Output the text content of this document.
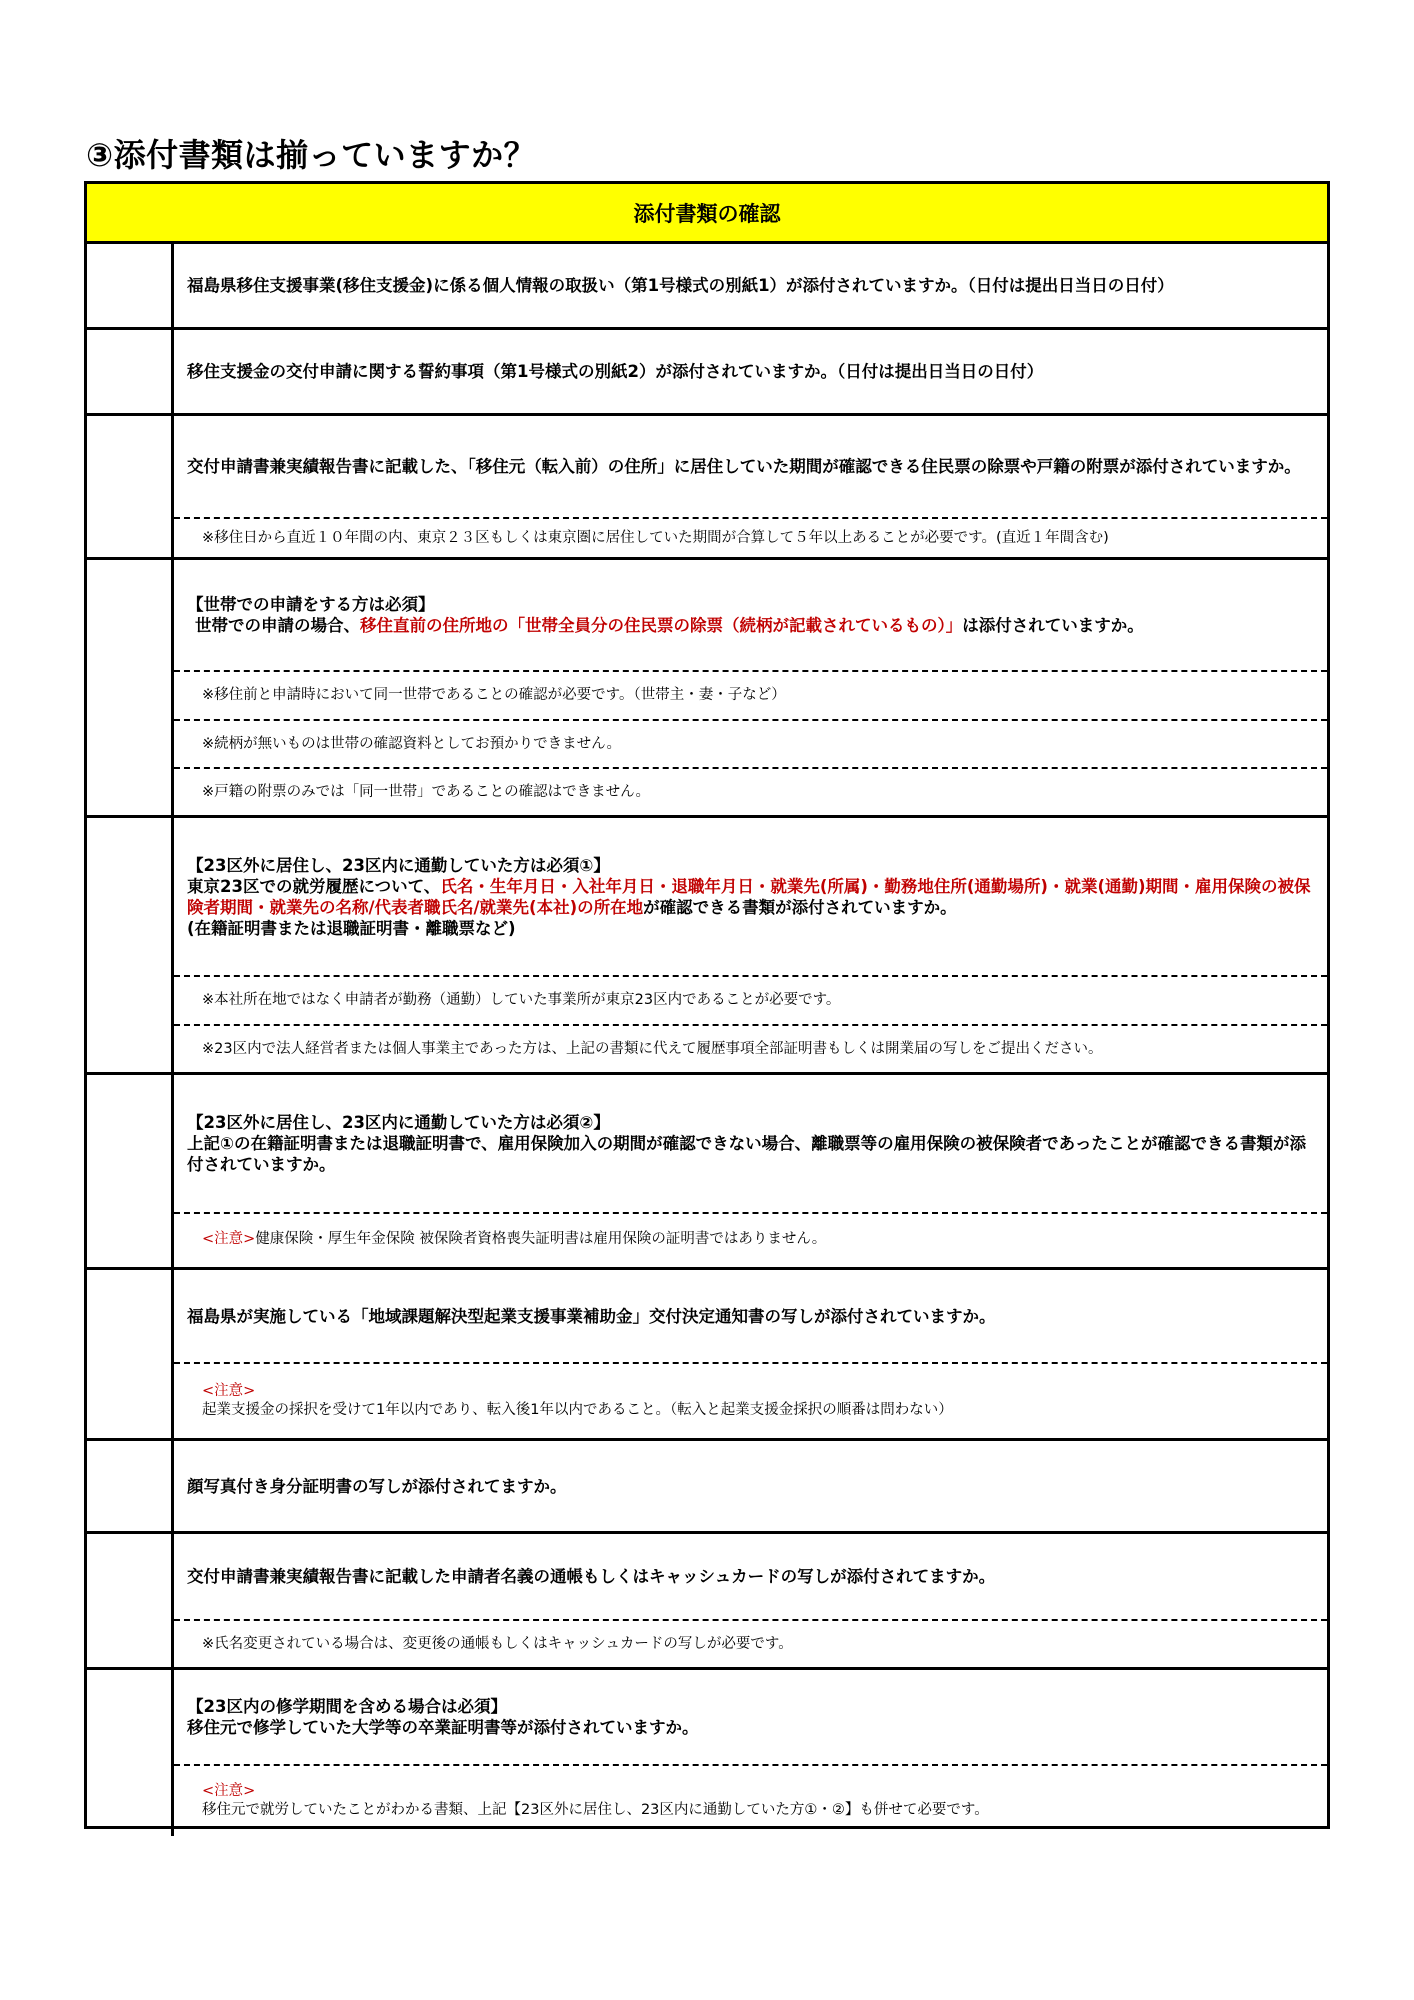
③添付書類は揃っていますか？
添付書類の確認
福島県移住支援事業(移住支援金)に係る個人情報の取扱い（第1号様式の別紙1）が添付されていますか。（日付は提出日当日の日付）
移住支援金の交付申請に関する誓約事項（第1号様式の別紙2）が添付されていますか。（日付は提出日当日の日付）
交付申請書兼実績報告書に記載した、「移住元（転入前）の住所」に居住していた期間が確認できる住民票の除票や戸籍の附票が添付されていますか。
※移住日から直近１０年間の内、東京２３区もしくは東京圏に居住していた期間が合算して５年以上あることが必要です。(直近１年間含む)
【世帯での申請をする方は必須】
世帯での申請の場合、移住直前の住所地の「世帯全員分の住民票の除票（続柄が記載されているもの）」は添付されていますか。
※移住前と申請時において同一世帯であることの確認が必要です。（世帯主・妻・子など）
※続柄が無いものは世帯の確認資料としてお預かりできません。
※戸籍の附票のみでは「同一世帯」であることの確認はできません。
【23区外に居住し、23区内に通勤していた方は必須①】
東京23区での就労履歴について、氏名・生年月日・入社年月日・退職年月日・就業先(所属)・勤務地住所(通勤場所)・就業(通勤)期間・雇用保険の被保険者期間・就業先の名称/代表者職氏名/就業先(本社)の所在地が確認できる書類が添付されていますか。
(在籍証明書または退職証明書・離職票など)
※本社所在地ではなく申請者が勤務（通勤）していた事業所が東京23区内であることが必要です。
※23区内で法人経営者または個人事業主であった方は、上記の書類に代えて履歴事項全部証明書もしくは開業届の写しをご提出ください。
【23区外に居住し、23区内に通勤していた方は必須②】
上記①の在籍証明書または退職証明書で、雇用保険加入の期間が確認できない場合、離職票等の雇用保険の被保険者であったことが確認できる書類が添付されていますか。
<注意>健康保険・厚生年金保険 被保険者資格喪失証明書は雇用保険の証明書ではありません。
福島県が実施している「地域課題解決型起業支援事業補助金」交付決定通知書の写しが添付されていますか。
<注意>
起業支援金の採択を受けて1年以内であり、転入後1年以内であること。（転入と起業支援金採択の順番は問わない）
顔写真付き身分証明書の写しが添付されてますか。
交付申請書兼実績報告書に記載した申請者名義の通帳もしくはキャッシュカードの写しが添付されてますか。
※氏名変更されている場合は、変更後の通帳もしくはキャッシュカードの写しが必要です。
【23区内の修学期間を含める場合は必須】
移住元で修学していた大学等の卒業証明書等が添付されていますか。
<注意>
移住元で就労していたことがわかる書類、上記【23区外に居住し、23区内に通勤していた方①・②】も併せて必要です。
